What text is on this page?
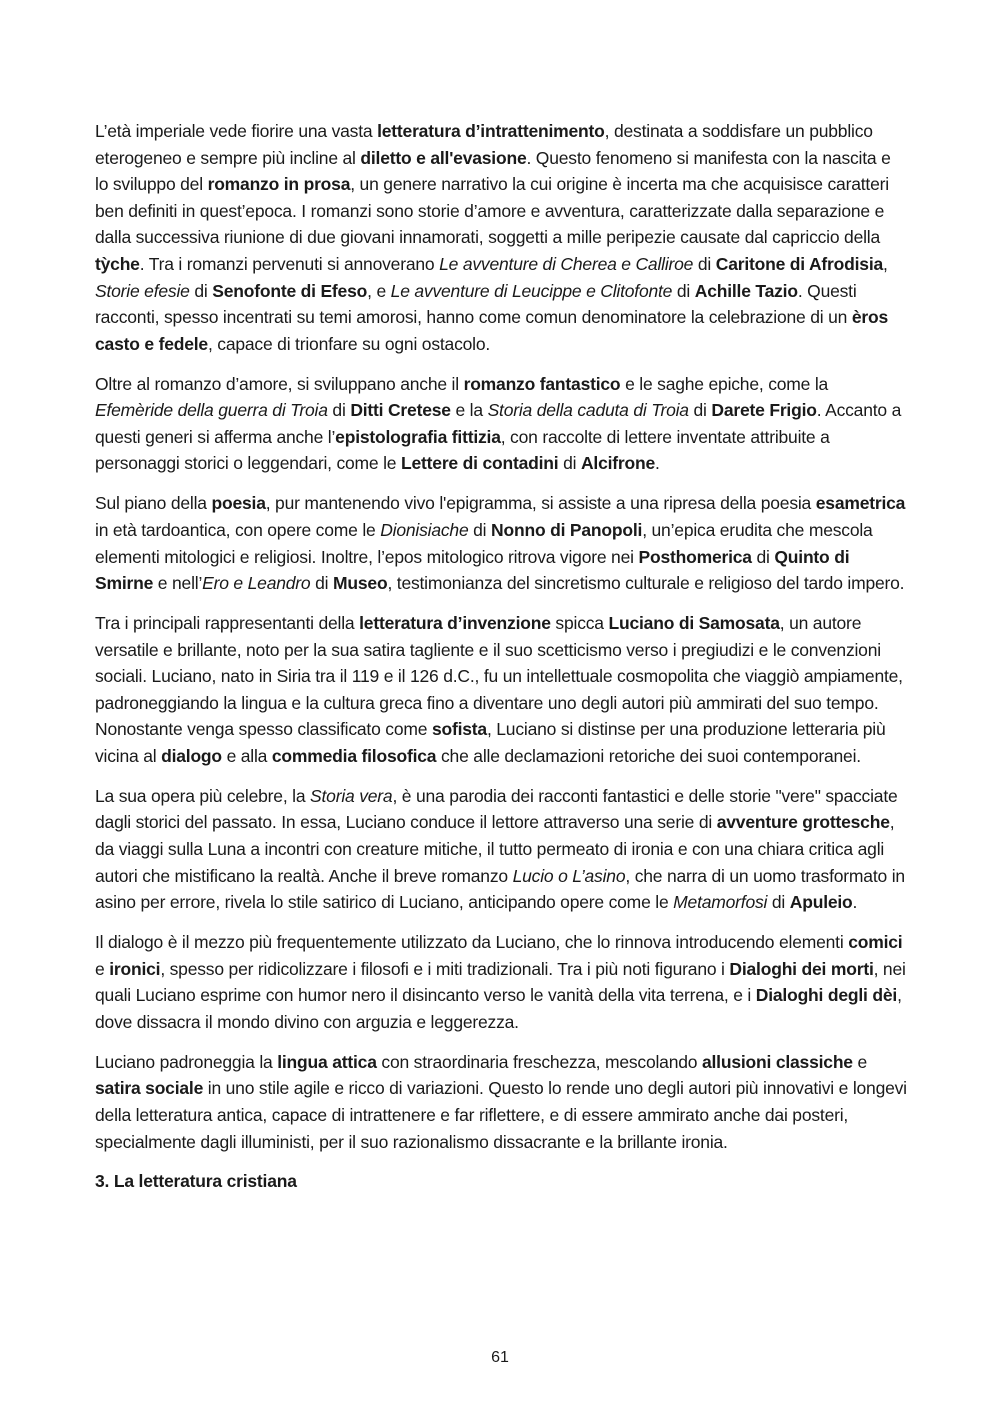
L’età imperiale vede fiorire una vasta letteratura d’intrattenimento, destinata a soddisfare un pubblico eterogeneo e sempre più incline al diletto e all'evasione. Questo fenomeno si manifesta con la nascita e lo sviluppo del romanzo in prosa, un genere narrativo la cui origine è incerta ma che acquisisce caratteri ben definiti in quest’epoca. I romanzi sono storie d’amore e avventura, caratterizzate dalla separazione e dalla successiva riunione di due giovani innamorati, soggetti a mille peripezie causate dal capriccio della tỳche. Tra i romanzi pervenuti si annoverano Le avventure di Cherea e Calliroe di Caritone di Afrodisia, Storie efesie di Senofonte di Efeso, e Le avventure di Leucippe e Clitofonte di Achille Tazio. Questi racconti, spesso incentrati su temi amorosi, hanno come comun denominatore la celebrazione di un èros casto e fedele, capace di trionfare su ogni ostacolo.

Oltre al romanzo d’amore, si sviluppano anche il romanzo fantastico e le saghe epiche, come la Efemèride della guerra di Troia di Ditti Cretese e la Storia della caduta di Troia di Darete Frigio. Accanto a questi generi si afferma anche l’epistolografia fittizia, con raccolte di lettere inventate attribuite a personaggi storici o leggendari, come le Lettere di contadini di Alcifrone.

Sul piano della poesia, pur mantenendo vivo l'epigramma, si assiste a una ripresa della poesia esametrica in età tardoantica, con opere come le Dionisiache di Nonno di Panopoli, un’epica erudita che mescola elementi mitologici e religiosi. Inoltre, l’epos mitologico ritrova vigore nei Posthomerica di Quinto di Smirne e nell’Ero e Leandro di Museo, testimonianza del sincretismo culturale e religioso del tardo impero.

Tra i principali rappresentanti della letteratura d’invenzione spicca Luciano di Samosata, un autore versatile e brillante, noto per la sua satira tagliente e il suo scetticismo verso i pregiudizi e le convenzioni sociali. Luciano, nato in Siria tra il 119 e il 126 d.C., fu un intellettuale cosmopolita che viaggiò ampiamente, padroneggiando la lingua e la cultura greca fino a diventare uno degli autori più ammirati del suo tempo. Nonostante venga spesso classificato come sofista, Luciano si distinse per una produzione letteraria più vicina al dialogo e alla commedia filosofica che alle declamazioni retoriche dei suoi contemporanei.

La sua opera più celebre, la Storia vera, è una parodia dei racconti fantastici e delle storie "vere" spacciate dagli storici del passato. In essa, Luciano conduce il lettore attraverso una serie di avventure grottesche, da viaggi sulla Luna a incontri con creature mitiche, il tutto permeato di ironia e con una chiara critica agli autori che mistificano la realtà. Anche il breve romanzo Lucio o L’asino, che narra di un uomo trasformato in asino per errore, rivela lo stile satirico di Luciano, anticipando opere come le Metamorfosi di Apuleio.

Il dialogo è il mezzo più frequentemente utilizzato da Luciano, che lo rinnova introducendo elementi comici e ironici, spesso per ridicolizzare i filosofi e i miti tradizionali. Tra i più noti figurano i Dialoghi dei morti, nei quali Luciano esprime con humor nero il disincanto verso le vanità della vita terrena, e i Dialoghi degli dèi, dove dissacra il mondo divino con arguzia e leggerezza.

Luciano padroneggia la lingua attica con straordinaria freschezza, mescolando allusioni classiche e satira sociale in uno stile agile e ricco di variazioni. Questo lo rende uno degli autori più innovativi e longevi della letteratura antica, capace di intrattenere e far riflettere, e di essere ammirato anche dai posteri, specialmente dagli illuministi, per il suo razionalismo dissacrante e la brillante ironia.

3. La letteratura cristiana
61
